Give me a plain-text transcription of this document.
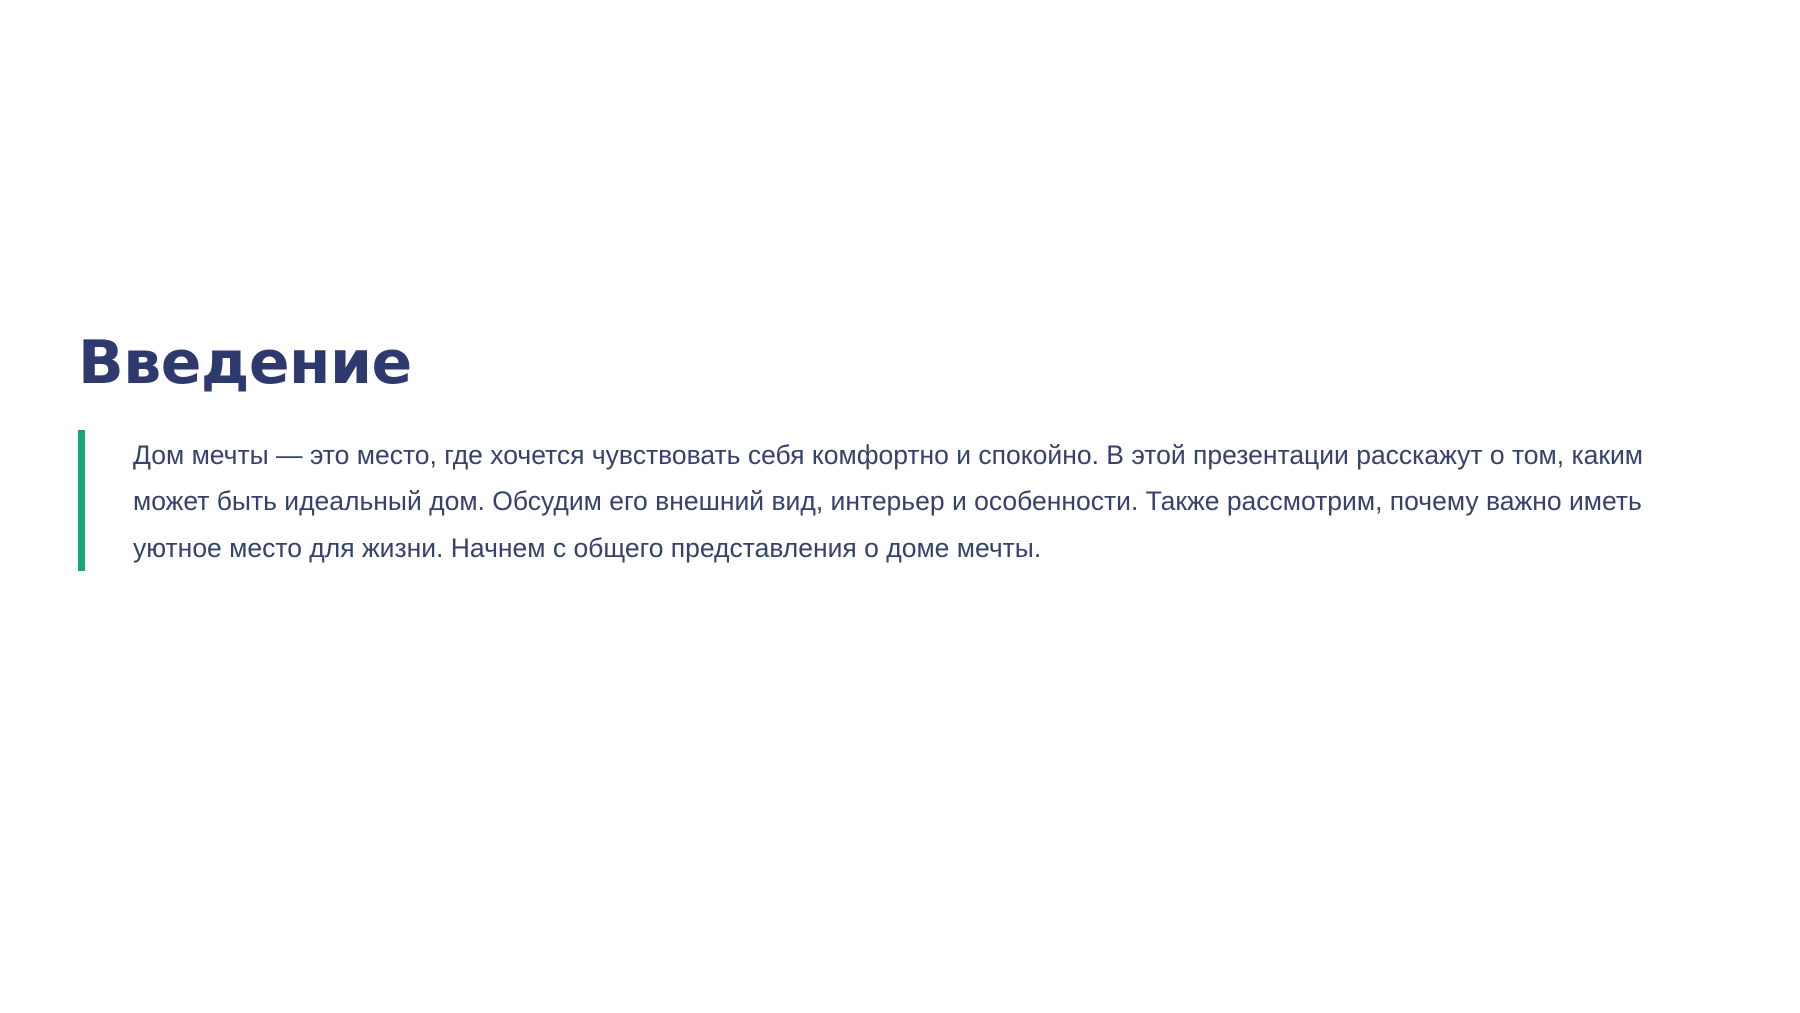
Введение

Дом мечты — это место, где хочется чувствовать себя комфортно и спокойно. В этой презентации расскажут о том, каким может быть идеальный дом. Обсудим его внешний вид, интерьер и особенности. Также рассмотрим, почему важно иметь уютное место для жизни. Начнем с общего представления о доме мечты.
